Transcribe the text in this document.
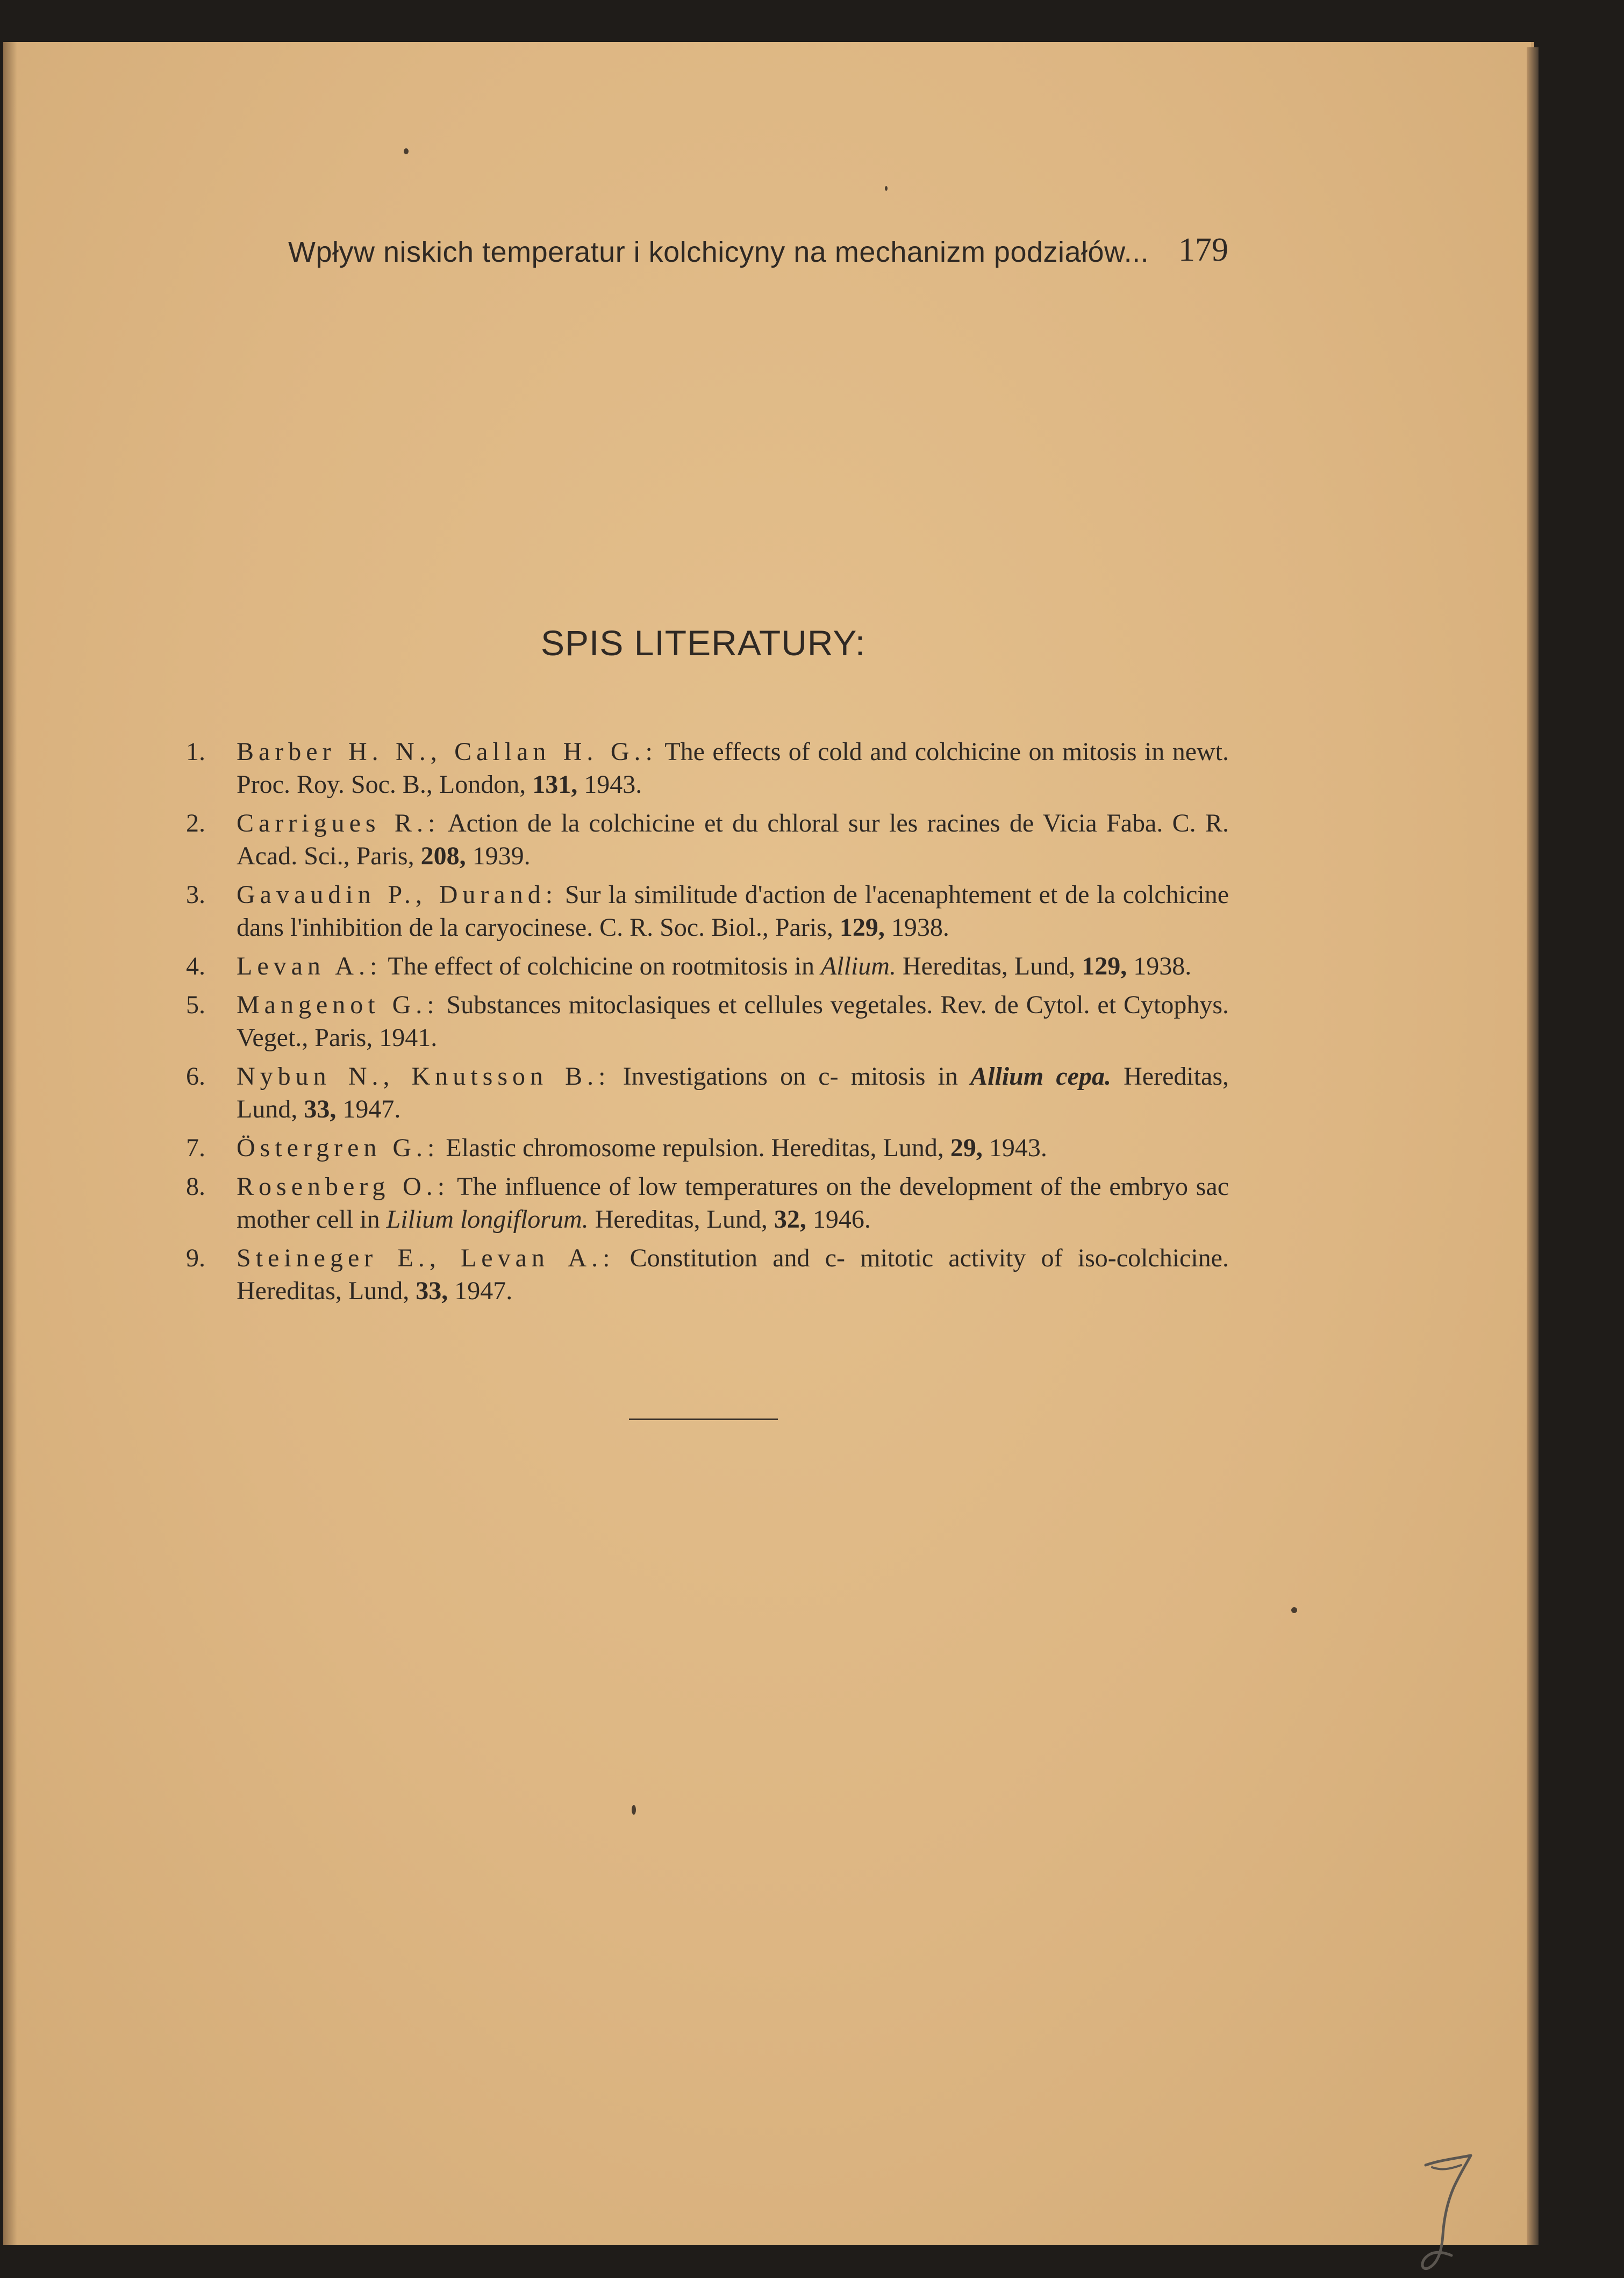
Wpływ niskich temperatur i kolchicyny na mechanizm podziałów... 179
SPIS LITERATURY:
1.	Barber H. N., Callan H. G.: The effects of cold and colchicine on mitosis in newt. Proc. Roy. Soc. B., London, 131, 1943.
2.	Carrigues R.: Action de la colchicine et du chloral sur les racines de Vicia Faba. C. R. Acad. Sci., Paris, 208, 1939.
3.	Gavaudin P., Durand: Sur la similitude d'action de l'acenaphtement et de la colchicine dans l'inhibition de la caryocinese. C. R. Soc. Biol., Paris, 129, 1938.
4.	Levan A.: The effect of colchicine on rootmitosis in Allium. Hereditas, Lund, 129, 1938.
5.	Mangenot G.: Substances mitoclasiques et cellules vegetales. Rev. de Cytol. et Cytophys. Veget., Paris, 1941.
6.	Nybun N., Knutsson B.: Investigations on c- mitosis in Allium cepa. Hereditas, Lund, 33, 1947.
7.	Östergren G.: Elastic chromosome repulsion. Hereditas, Lund, 29, 1943.
8.	Rosenberg O.: The influence of low temperatures on the development of the embryo sac mother cell in Lilium longiflorum. Hereditas, Lund, 32, 1946.
9.	Steineger E., Levan A.: Constitution and c- mitotic activity of iso-colchicine. Hereditas, Lund, 33, 1947.
